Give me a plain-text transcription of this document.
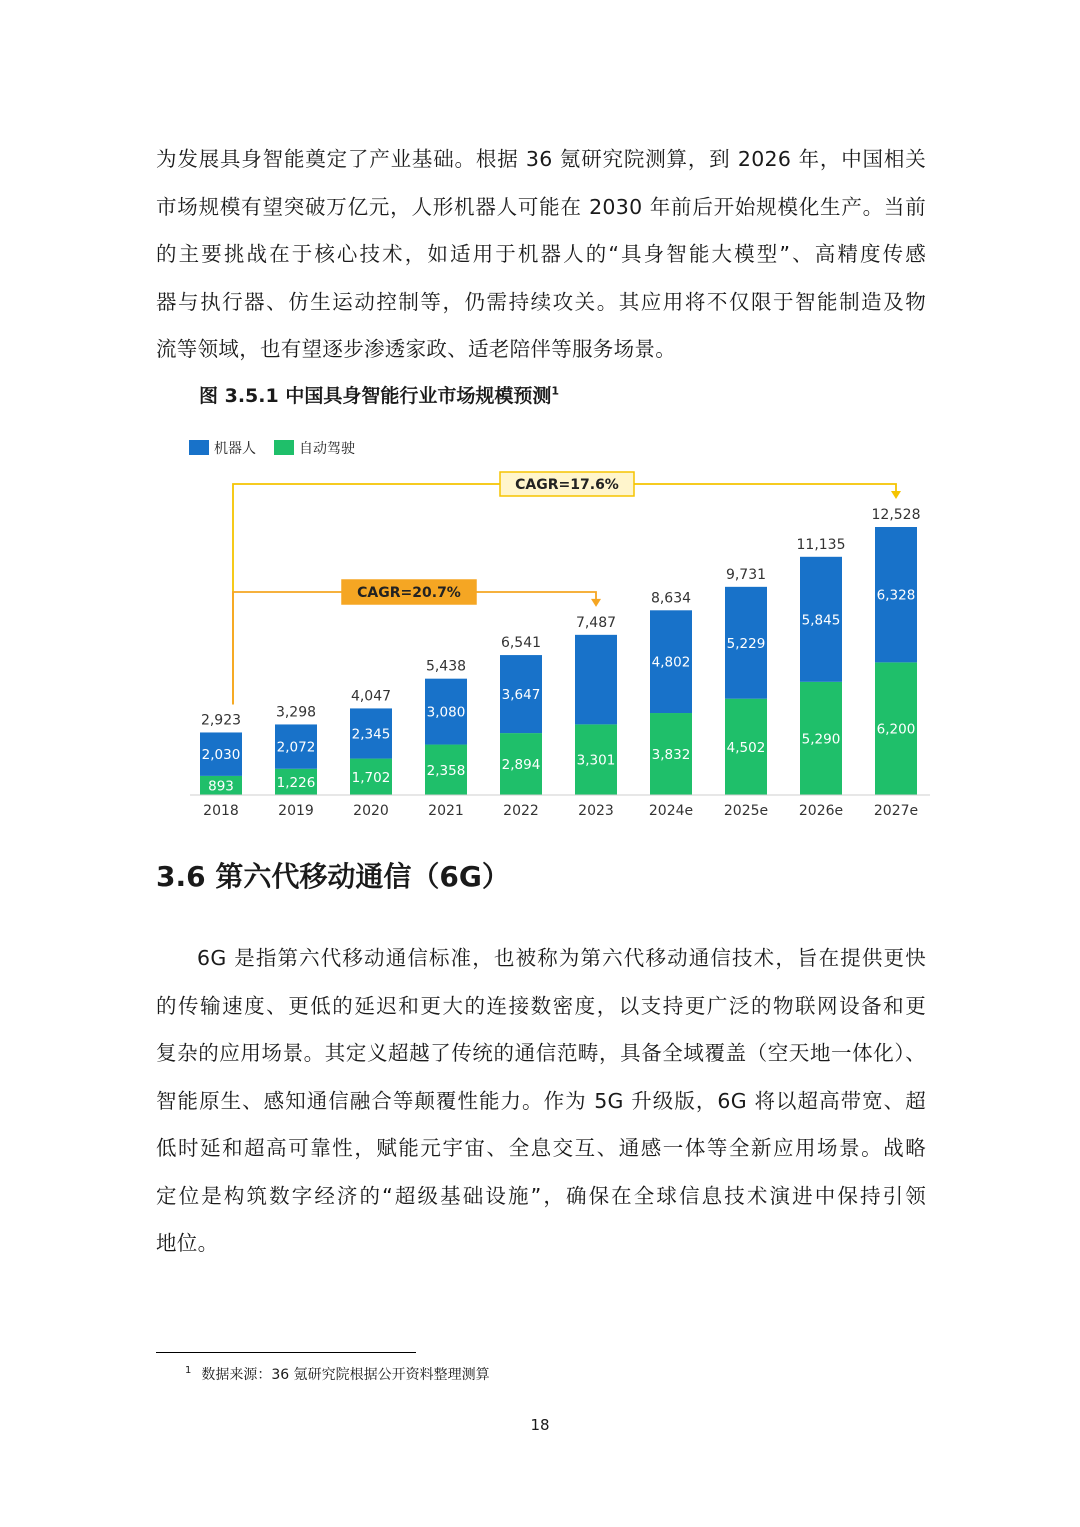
为发展具身智能奠定了产业基础。根据 36 氪研究院测算，到 2026 年，中国相关
市场规模有望突破万亿元，人形机器人可能在 2030 年前后开始规模化生产。当前
的主要挑战在于核心技术，如适用于机器人的“具身智能大模型”、高精度传感
器与执行器、仿生运动控制等，仍需持续攻关。其应用将不仅限于智能制造及物
流等领域，也有望逐步渗透家政、适老陪伴等服务场景。

图 3.5.1 中国具身智能行业市场规模预测$^1$

机器人	自动驾驶
893
2,030
2,923
2018
1,226
2,072
3,298
2019
1,702
2,345
4,047
2020
2,358
3,080
5,438
2021
2,894
3,647
6,541
2022
3,301
7,487
2023
3,832
4,802
8,634
2024e
4,502
5,229
9,731
2025e
5,290
5,845
11,135
2026e
6,200
6,328
12,528
2027e
CAGR=17.6%
CAGR=20.7%
3.6 第六代移动通信（6G）
6G 是指第六代移动通信标准，也被称为第六代移动通信技术，旨在提供更快
的传输速度、更低的延迟和更大的连接数密度，以支持更广泛的物联网设备和更
复杂的应用场景。其定义超越了传统的通信范畴，具备全域覆盖（空天地一体化）、
智能原生、感知通信融合等颠覆性能力。作为 5G 升级版，6G 将以超高带宽、超
低时延和超高可靠性，赋能元宇宙、全息交互、通感一体等全新应用场景。战略
定位是构筑数字经济的“超级基础设施”，确保在全球信息技术演进中保持引领
地位。

$^1$ 数据来源：36 氪研究院根据公开资料整理测算

18
